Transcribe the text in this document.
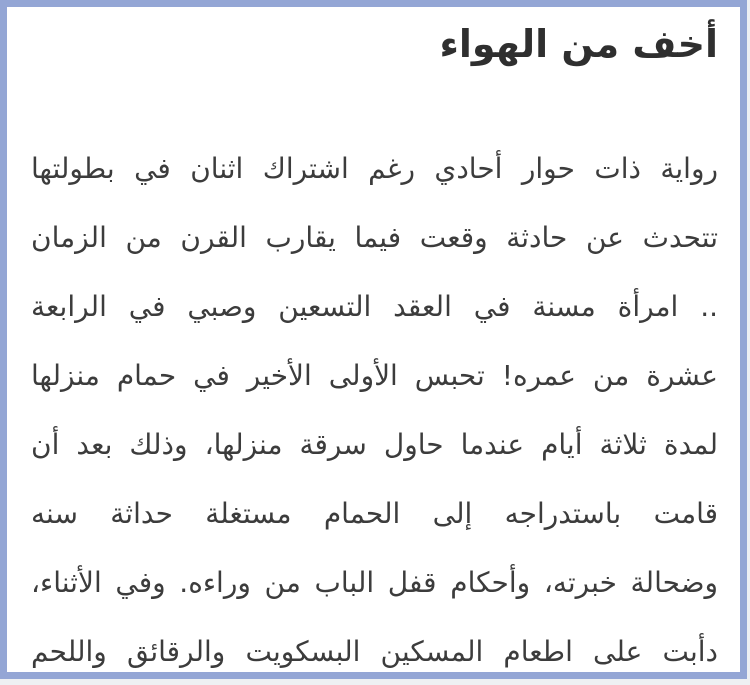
أخف من الهواء
رواية ذات حوار أحادي رغم اشتراك اثنان في بطولتها
تتحدث عن حادثة وقعت فيما يقارب القرن من الزمان
.. امرأة مسنة في العقد التسعين وصبي في الرابعة
عشرة من عمره! تحبس الأولى الأخير في حمام منزلها
لمدة ثلاثة أيام عندما حاول سرقة منزلها، وذلك بعد أن
قامت باستدراجه إلى الحمام مستغلة حداثة سنه
وضحالة خبرته، وأحكام قفل الباب من وراءه. وفي الأثناء،
دأبت على اطعام المسكين البسكويت والرقائق واللحم
